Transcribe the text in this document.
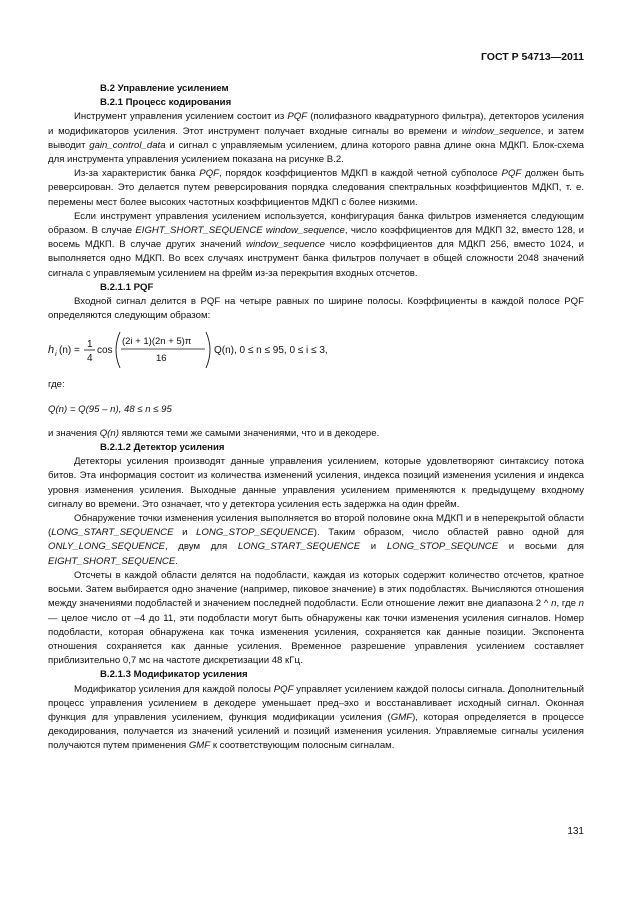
ГОСТ Р 54713—2011

В.2 Управление усилением

В.2.1 Процесс кодирования

Инструмент управления усилением состоит из PQF (полифазного квадратурного фильтра), детекторов усиления и модификаторов усиления. Этот инструмент получает входные сигналы во времени и window_sequence, и затем выводит gain_control_data и сигнал с управляемым усилением, длина которого равна длине окна МДКП. Блок-схема для инструмента управления усилением показана на рисунке В.2.

Из-за характеристик банка PQF, порядок коэффициентов МДКП в каждой четной субполосе PQF должен быть реверсирован. Это делается путем реверсирования порядка следования спектральных коэффициентов МДКП, т. е. перемены мест более высоких частотных коэффициентов МДКП с более низкими.

Если инструмент управления усилением используется, конфигурация банка фильтров изменяется следующим образом. В случае EIGHT_SHORT_SEQUENCE window_sequence, число коэффициентов для МДКП 32, вместо 128, и восемь МДКП. В случае других значений window_sequence число коэффициентов для МДКП 256, вместо 1024, и выполняется одно МДКП. Во всех случаях инструмент банка фильтров получает в общей сложности 2048 значений сигнала с управляемым усилением на фрейм из-за перекрытия входных отсчетов.

В.2.1.1 PQF

Входной сигнал делится в PQF на четыре равных по ширине полосы. Коэффициенты в каждой полосе PQF определяются следующим образом:

h i (n) =
1
4
cos
(2i + 1)(2n + 5)π
16
Q(n), 0 ≤ n ≤ 95, 0 ≤ i ≤ 3,

где:

Q(n) = Q(95 – n), 48 ≤ n ≤ 95

и значения Q(n) являются теми же самыми значениями, что и в декодере.

В.2.1.2 Детектор усиления

Детекторы усиления производят данные управления усилением, которые удовлетворяют синтаксису потока битов. Эта информация состоит из количества изменений усиления, индекса позиций изменения усиления и индекса уровня изменения усиления. Выходные данные управления усилением применяются к предыдущему входному сигналу во времени. Это означает, что у детектора усиления есть задержка на один фрейм.

Обнаружение точки изменения усиления выполняется во второй половине окна МДКП и в неперекрытой области (LONG_START_SEQUENCE и LONG_STOP_SEQUENCE). Таким образом, число областей равно одной для ONLY_LONG_SEQUENCE, двум для LONG_START_SEQUENCE и LONG_STOP_SEQUNCE и восьми для EIGHT_SHORT_SEQUENCE.

Отсчеты в каждой области делятся на подобласти, каждая из которых содержит количество отсчетов, кратное восьми. Затем выбирается одно значение (например, пиковое значение) в этих подобластях. Вычисляются отношения между значениями подобластей и значением последней подобласти. Если отношение лежит вне диапазона 2 ^ n, где n — целое число от –4 до 11, эти подобласти могут быть обнаружены как точки изменения усиления сигналов. Номер подобласти, которая обнаружена как точка изменения усиления, сохраняется как данные позиции. Экспонента отношения сохраняется как данные усиления. Временное разрешение управления усилением составляет приблизительно 0,7 мс на частоте дискретизации 48 кГц.

В.2.1.3 Модификатор усиления

Модификатор усиления для каждой полосы PQF управляет усилением каждой полосы сигнала. Дополнительный процесс управления усилением в декодере уменьшает пред–эхо и восстанавливает исходный сигнал. Оконная функция для управления усилением, функция модификации усиления (GMF), которая определяется в процессе декодирования, получается из значений усилений и позиций изменения усиления. Управляемые сигналы усиления получаются путем применения GMF к соответствующим полосным сигналам.

131
